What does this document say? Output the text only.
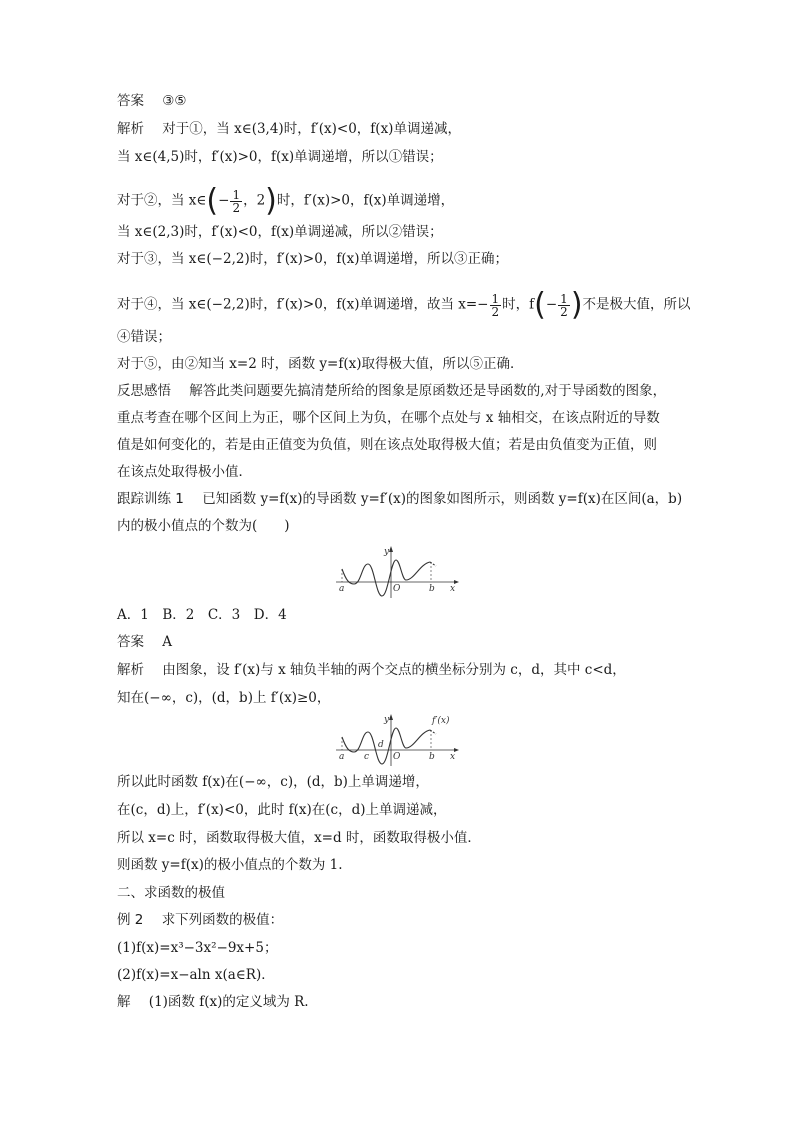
答案 ③⑤
解析 对于①，当 x∈(3,4)时，f′(x)<0，f(x)单调递减，
当 x∈(4,5)时，f′(x)>0，f(x)单调递增，所以①错误；
对于②，当 x∈(− $\frac{1}{2}$ ，2)时，f′(x)>0，f(x)单调递增，
当 x∈(2,3)时，f′(x)<0，f(x)单调递减，所以②错误；
对于③，当 x∈(−2,2)时，f′(x)>0，f(x)单调递增，所以③正确；
对于④，当 x∈(−2,2)时，f′(x)>0，f(x)单调递增，故当 $x=- \frac{1}{2}$ 时，$f(- \frac{1}{2}$ )不是极大值，所以
④错误；
对于⑤，由②知当 x=2 时，函数 y=f(x)取得极大值，所以⑤正确．
反思感悟 解答此类问题要先搞清楚所给的图象是原函数还是导函数的,对于导函数的图象，
重点考查在哪个区间上为正，哪个区间上为负，在哪个点处与 x 轴相交，在该点附近的导数
值是如何变化的，若是由正值变为负值，则在该点处取得极大值；若是由负值变为正值，则
在该点处取得极小值．
跟踪训练 1 已知函数 y=f(x)的导函数 y=f′(x)的图象如图所示，则函数 y=f(x)在区间(a，b)
内的极小值点的个数为(　　)
A．1　B．2　C．3　D．4
答案 A
解析 由图象，设 f′(x)与 x 轴负半轴的两个交点的横坐标分别为 c，d，其中 c<d，
知在(−∞，c)，(d，b)上 f′(x)≥0，
所以此时函数 f(x)在(−∞，c)，(d，b)上单调递增，
在(c，d)上，f′(x)<0，此时 f(x)在(c，d)上单调递减，
所以 x=c 时，函数取得极大值，x=d 时，函数取得极小值．
则函数 y=f(x)的极小值点的个数为 1.
二、求函数的极值
例 2 求下列函数的极值：
(1)f(x)=x³−3x²−9x+5；
(2)f(x)=x−aln x(a∈R)．
解 (1)函数 f(x)的定义域为 R.
y
x
a	b
O
y
x
a	b
c
d
O
f′(x)
